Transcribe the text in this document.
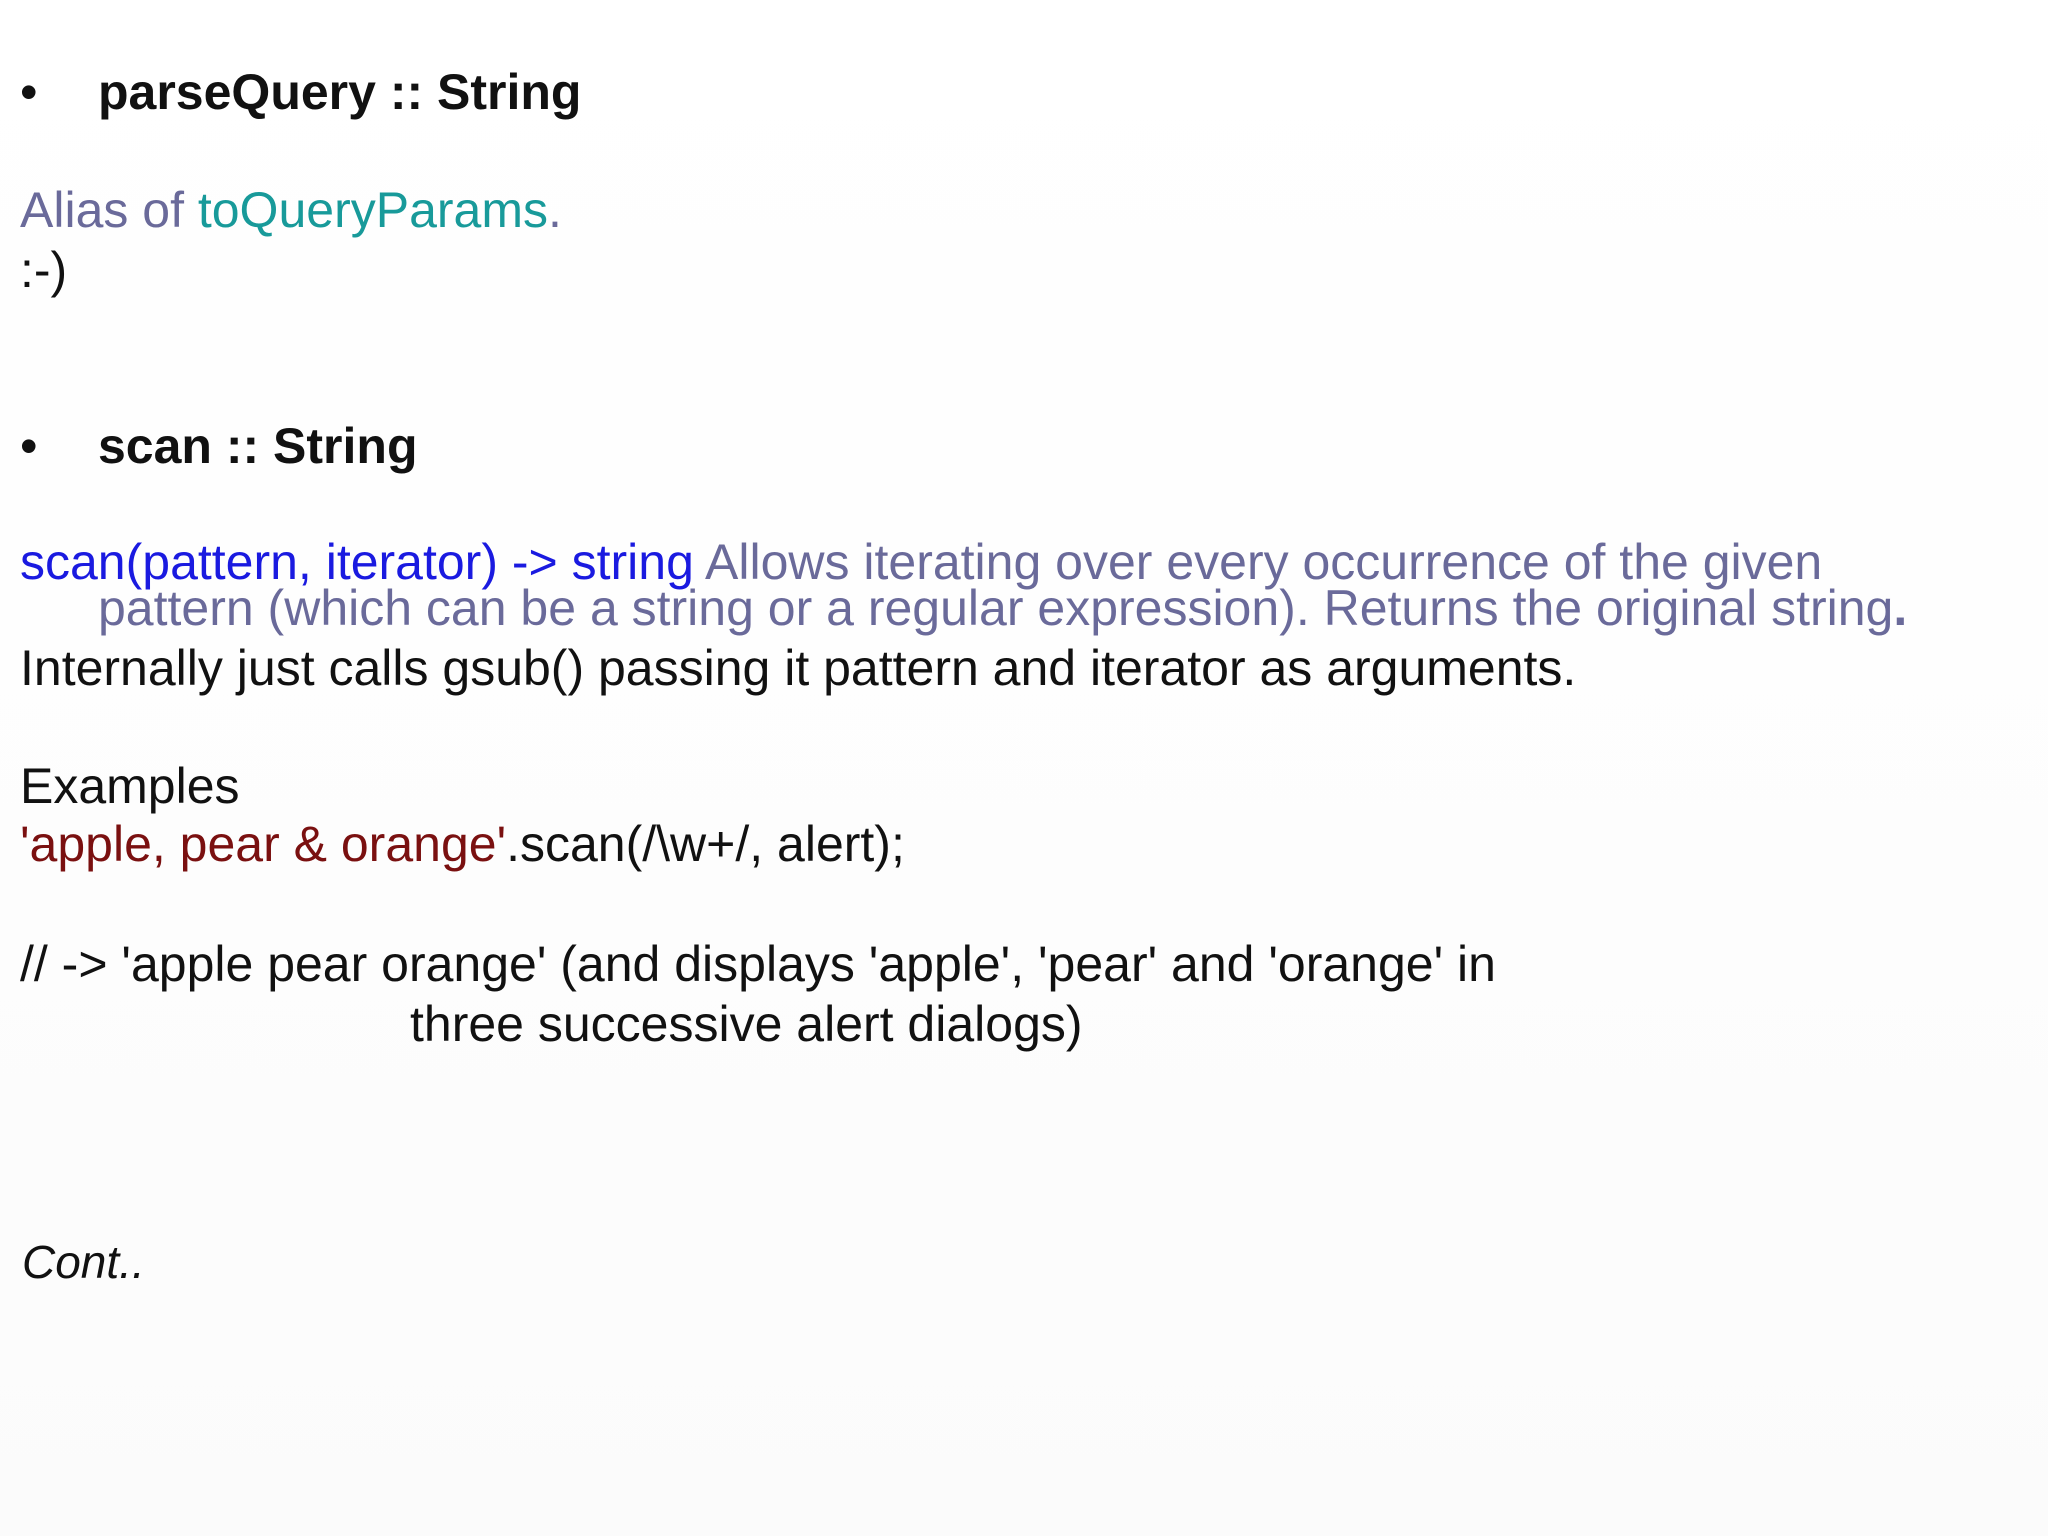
• parseQuery :: String
Alias of toQueryParams.
:-)
• scan :: String
scan(pattern, iterator) -> string Allows iterating over every occurrence of the given
pattern (which can be a string or a regular expression). Returns the original string.
Internally just calls gsub() passing it pattern and iterator as arguments.
Examples
'apple, pear & orange'.scan(/\w+/, alert);
// -> 'apple pear orange' (and displays 'apple', 'pear' and 'orange' in
three successive alert dialogs)
Cont..
